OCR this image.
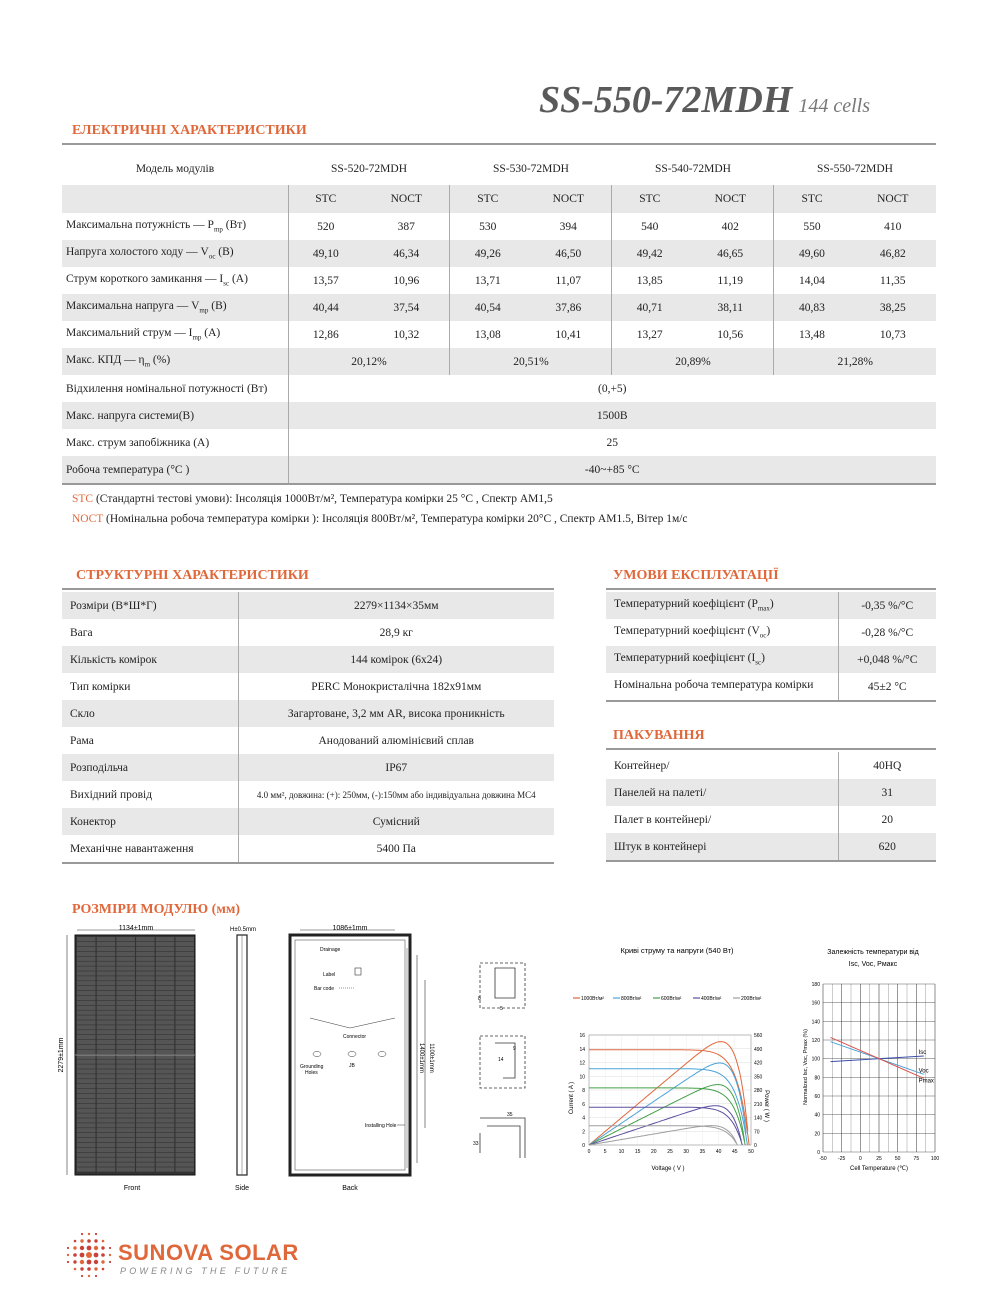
SS-550-72MDH 144 cells
ЕЛЕКТРИЧНІ ХАРАКТЕРИСТИКИ
Модель модулів	SS-520-72MDH		SS-530-72MDH		SS-540-72MDH		SS-550-72MDH	
	STC	NOCT	STC	NOCT	STC	NOCT	STC	NOCT
Максимальна потужність — $P_{mp}$ (Вт)	520	387	530	394	540	402	550	410
Напруга холостого ходу — $V_{oc}$ (В)	49,10	46,34	49,26	46,50	49,42	46,65	49,60	46,82
Струм короткого замикання — $I_{sc}$ (A)	13,57	10,96	13,71	11,07	13,85	11,19	14,04	11,35
Максимальна напруга — $V_{mp}$ (В)	40,44	37,54	40,54	37,86	40,71	38,11	40,83	38,25
Максимальний струм — $I_{mp}$ (A)	12,86	10,32	13,08	10,41	13,27	10,56	13,48	10,73
Макс. КПД — $\eta_m$ (%)	20,12%		20,51%		20,89%		21,28%	
Відхилення номінальної потужності (Вт)	(0,+5)							
Макс. напруга системи(В)	1500В							
Макс. струм запобіжника (A)	25							
Робоча температура (°C )	-40~+85 °C							

STC (Стандартні тестові умови): Інсоляція 1000Вт/м², Температура комірки 25 °C , Спектр AM1,5
NOCT (Номінальна робоча температура комірки ): Інсоляція 800Вт/м², Температура комірки 20°C , Спектр AM1.5, Вітер 1м/с
СТРУКТУРНІ ХАРАКТЕРИСТИКИ
Розміри (В*Ш*Г)	2279×1134×35мм
Вага	28,9 кг
Кількість комірок	144 комірок (6x24)
Тип комірки	PERC Монокристалічна 182x91мм
Скло	Загартоване, 3,2 мм AR, висока проникність
Рама	Анодований алюмінієвий сплав
Розподільча	IP67
Вихідний провід	4.0 мм², довжина: (+): 250мм, (-):150мм або індивідуальна довжина MC4
Конектор	Сумісний
Механічне навантаження	5400 Па

УМОВИ ЕКСПЛУАТАЦІЇ
Температурний коефіцієнт $(P_{max})$	-0,35 %/°C
Температурний коефіцієнт $(V_{oc})$	-0,28 %/°C
Температурний коефіцієнт $(I_{sc})$	+0,048 %/°C
Номінальна робоча температура комірки	45±2 °C

ПАКУВАННЯ
Контейнер/	40HQ
Панелей на палеті/	31
Палет в контейнері/	20
Штук в контейнері	620

РОЗМІРИ МОДУЛЮ (мм)
1134±1mm
2279±1mm
Front
H±0.5mm
Side
1086±1mm
Drainage
Label
Bar code
Connector
Grounding
Holes
JB
Installing Hole
1400±1mm 1100±1mm
Back
8
5
14
9
35
33
Криві струму та напруги (540 Вт)
1000Вт/м²	800Вт/м²	600Вт/м²	400Вт/м²	200Вт/м²
0	0
2	70
4	140
6	210
8	280
10	350
12	420
14	490
16	560
0	5 10 15 20 25 30 35 40 45 50
Voltage ( V )
Current ( A )	Power ( W )
Залежність температури від
Isc, Voc, Pмакс
0
20
40
60
80
100
120
140
160
180
-50 -25	0	25	50	75 100
Isc
Voc
Pmax
Cell Temperature (℃)
Normalized Isc, Voc, Pmax (%)
SUNOVA SOLAR
POWERING THE FUTURE
